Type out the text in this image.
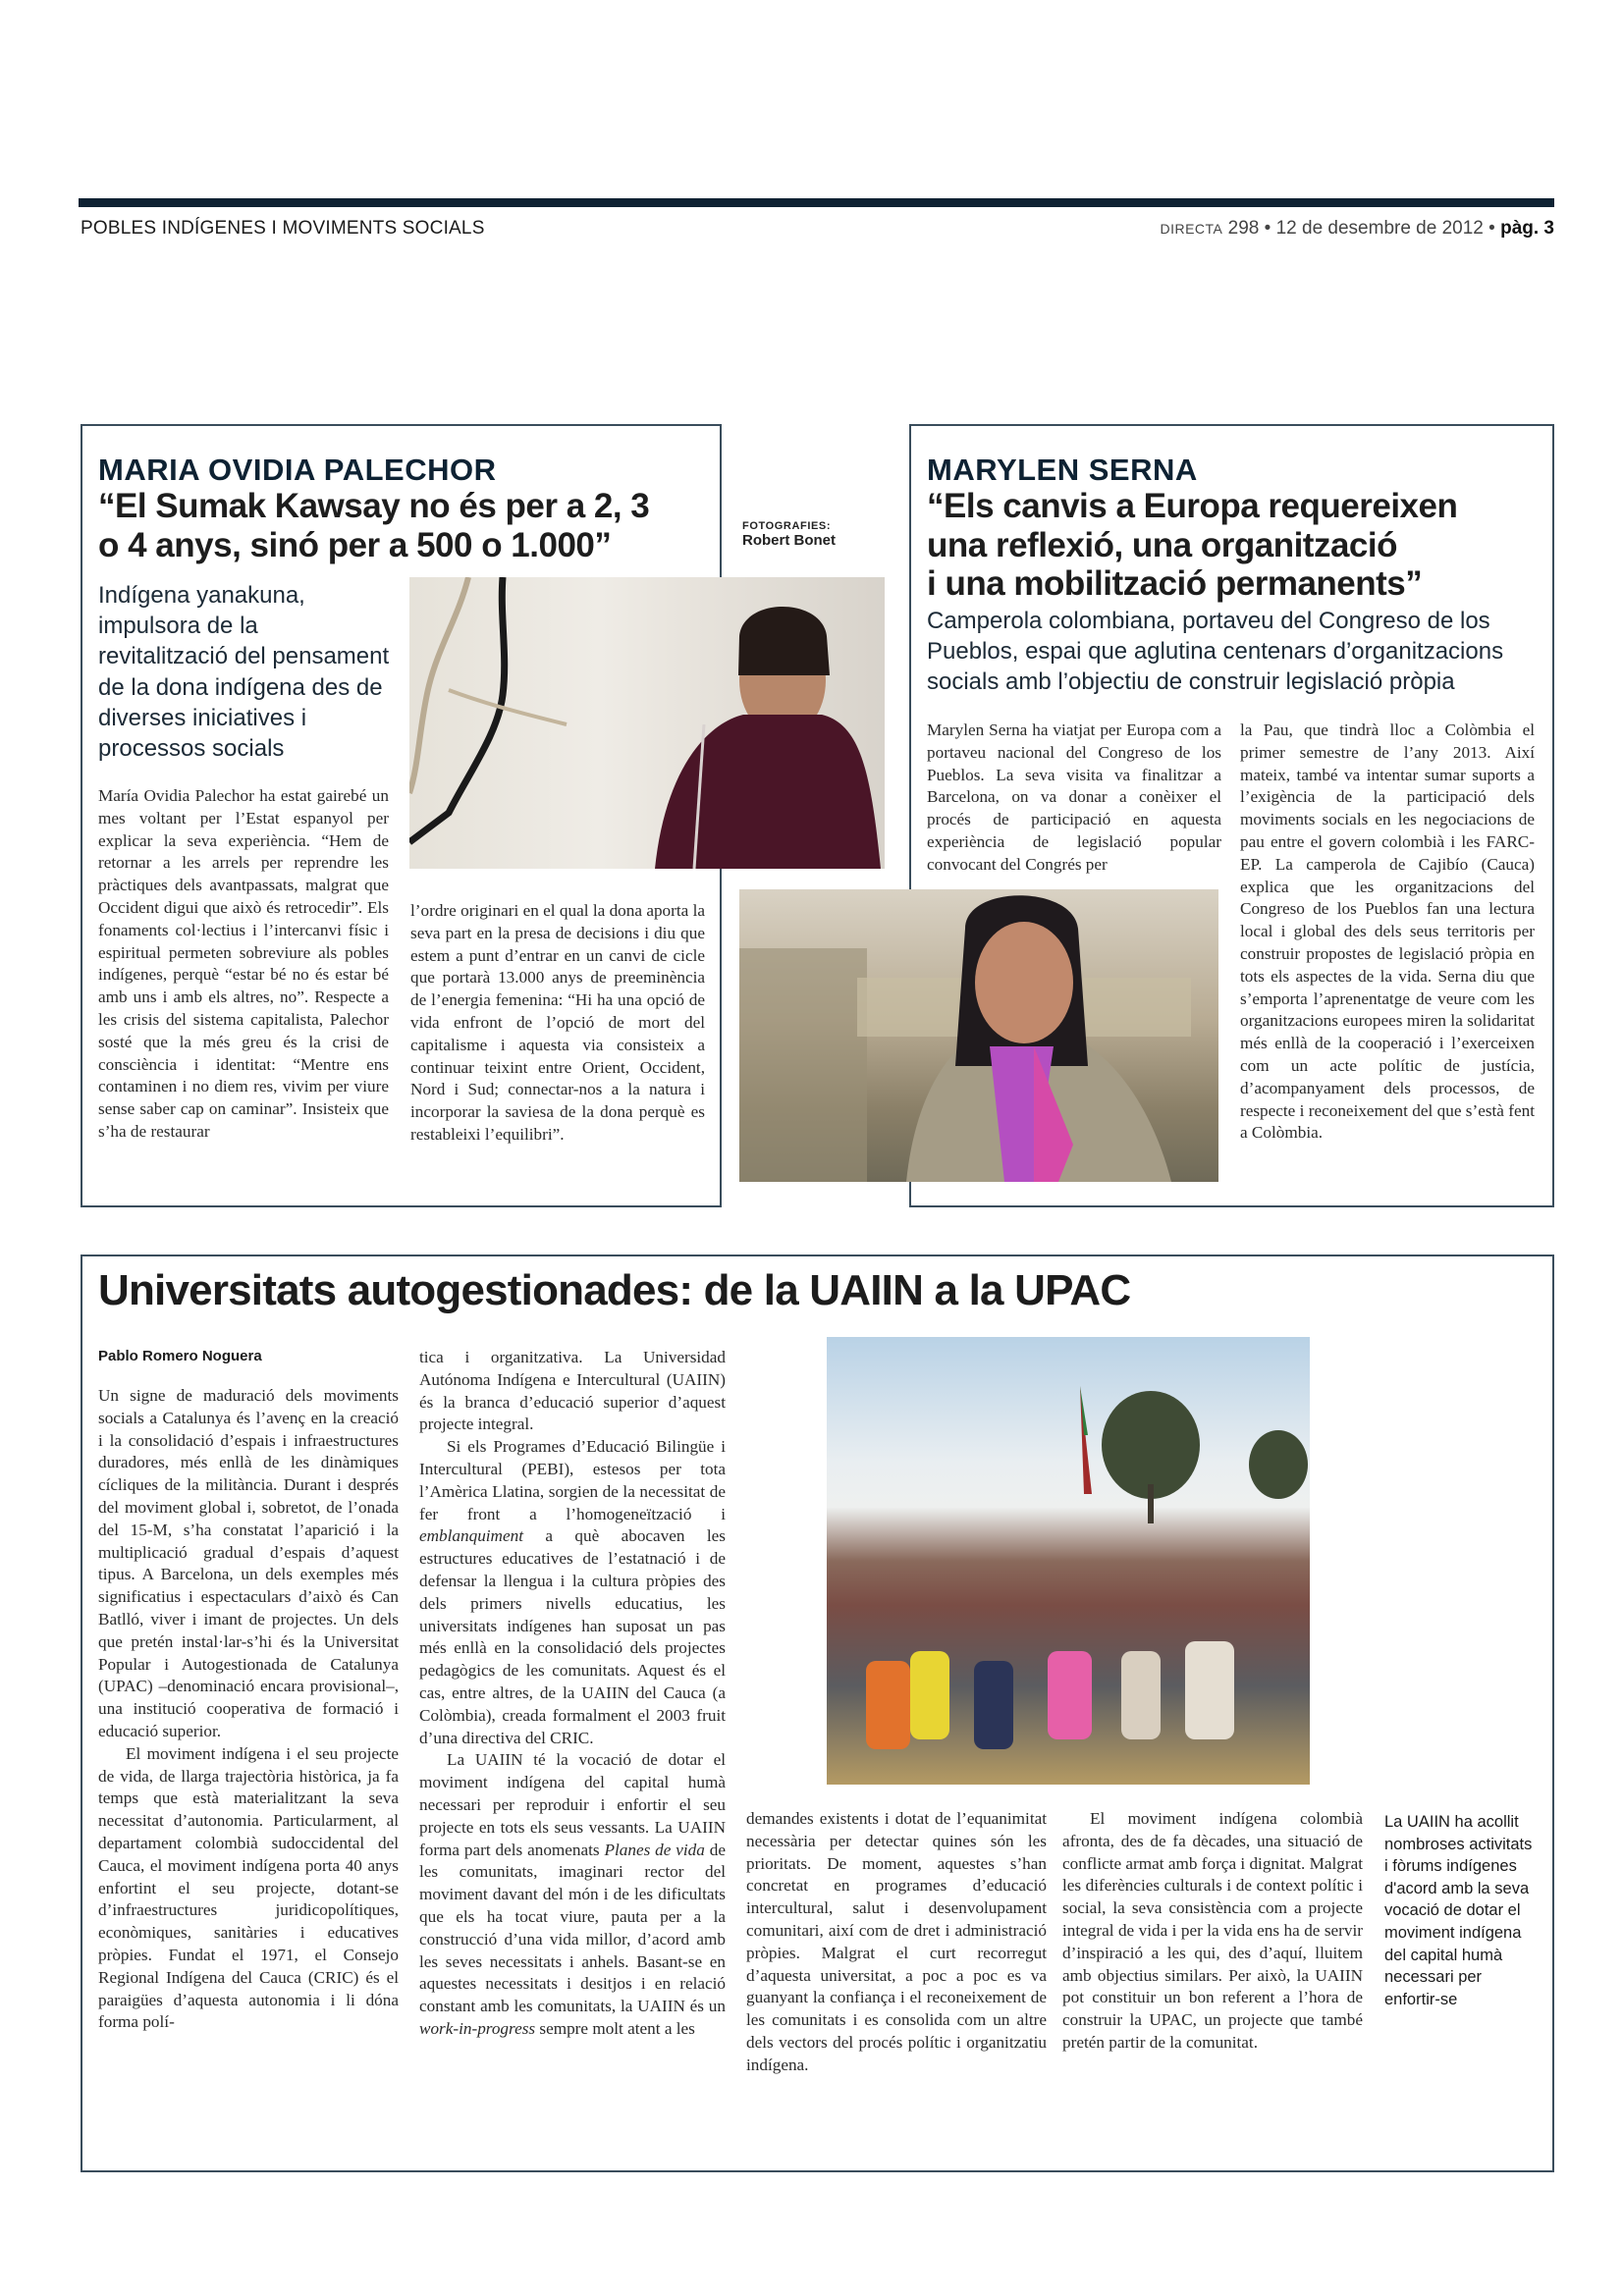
POBLES INDÍGENES I MOVIMENTS SOCIALS	DIRECTA 298 • 12 de desembre de 2012 • pàg. 3
MARIA OVIDIA PALECHOR
“El Sumak Kawsay no és per a 2, 3
o 4 anys, sinó per a 500 o 1.000”
Indígena yanakuna, impulsora de la revitalització del pensament de la dona indígena des de diverses iniciatives i processos socials
María Ovidia Palechor ha estat gairebé un mes voltant per l’Estat espanyol per explicar la seva experiència. “Hem de retornar a les arrels per reprendre les pràctiques dels avantpassats, malgrat que Occident digui que això és retrocedir”. Els fonaments col·lectius i l’intercanvi físic i espiritual permeten sobreviure als pobles indígenes, perquè “estar bé no és estar bé amb uns i amb els altres, no”. Respecte a les crisis del sistema capitalista, Palechor sosté que la més greu és la crisi de consciència i identitat: “Mentre ens contaminen i no diem res, vivim per viure sense saber cap on caminar”. Insisteix que s’ha de restaurar
l’ordre originari en el qual la dona aporta la seva part en la presa de decisions i diu que estem a punt d’entrar en un canvi de cicle que portarà 13.000 anys de preeminència de l’energia femenina: “Hi ha una opció de vida enfront de l’opció de mort del capitalisme i aquesta via consisteix a continuar teixint entre Orient, Occident, Nord i Sud; connectar-nos a la natura i incorporar la saviesa de la dona perquè es restableixi l’equilibri”.
FOTOGRAFIES:
Robert Bonet
MARYLEN SERNA
“Els canvis a Europa requereixen
una reflexió, una organització
i una mobilització permanents”
Camperola colombiana, portaveu del Congreso de los Pueblos, espai que aglutina centenars d’organitzacions socials amb l’objectiu de construir legislació pròpia
Marylen Serna ha viatjat per Europa com a portaveu nacional del Congreso de los Pueblos. La seva visita va finalitzar a Barcelona, on va donar a conèixer el procés de participació en aquesta experiència de legislació popular convocant del Congrés per
la Pau, que tindrà lloc a Colòmbia el primer semestre de l’any 2013. Així mateix, també va intentar sumar suports a l’exigència de la participació dels moviments socials en les negociacions de pau entre el govern colombià i les FARC-EP. La camperola de Cajibío (Cauca) explica que les organitzacions del Congreso de los Pueblos fan una lectura local i global des dels seus territoris per construir propostes de legislació pròpia en tots els aspectes de la vida. Serna diu que s’emporta l’aprenentatge de veure com les organitzacions europees miren la solidaritat més enllà de la cooperació i l’exerceixen com un acte polític de justícia, d’acompanyament dels processos, de respecte i reconeixement del que s’està fent a Colòmbia.
Universitats autogestionades: de la UAIIN a la UPAC
Pablo Romero Noguera

Un signe de maduració dels moviments socials a Catalunya és l’avenç en la creació i la consolidació d’espais i infraestructures duradores, més enllà de les dinàmiques cícliques de la militància. Durant i després del moviment global i, sobretot, de l’onada del 15-M, s’ha constatat l’aparició i la multiplicació gradual d’espais d’aquest tipus. A Barcelona, un dels exemples més significatius i espectaculars d’això és Can Batlló, viver i imant de projectes. Un dels que pretén instal·lar-s’hi és la Universitat Popular i Autogestionada de Catalunya (UPAC) –denominació encara provisional–, una institució cooperativa de formació i educació superior.

El moviment indígena i el seu projecte de vida, de llarga trajectòria històrica, ja fa temps que està materialitzant la seva necessitat d’autonomia. Particularment, al departament colombià sudoccidental del Cauca, el moviment indígena porta 40 anys enfortint el seu projecte, dotant-se d’infraestructures juridicopolítiques, econòmiques, sanitàries i educatives pròpies. Fundat el 1971, el Consejo Regional Indígena del Cauca (CRIC) és el paraigües d’aquesta autonomia i li dóna forma polí-

tica i organitzativa. La Universidad Autónoma Indígena e Intercultural (UAIIN) és la branca d’educació superior d’aquest projecte integral.

Si els Programes d’Educació Bilingüe i Intercultural (PEBI), estesos per tota l’Amèrica Llatina, sorgien de la necessitat de fer front a l’homogeneïtzació i emblanquiment a què abocaven les estructures educatives de l’estatnació i de defensar la llengua i la cultura pròpies des dels primers nivells educatius, les universitats indígenes han suposat un pas més enllà en la consolidació dels projectes pedagògics de les comunitats. Aquest és el cas, entre altres, de la UAIIN del Cauca (a Colòmbia), creada formalment el 2003 fruit d’una directiva del CRIC.

La UAIIN té la vocació de dotar el moviment indígena del capital humà necessari per reproduir i enfortir el seu projecte en tots els seus vessants. La UAIIN forma part dels anomenats Planes de vida de les comunitats, imaginari rector del moviment davant del món i de les dificultats que els ha tocat viure, pauta per a la construcció d’una vida millor, d’acord amb les seves necessitats i anhels. Basant-se en aquestes necessitats i desitjos i en relació constant amb les comunitats, la UAIIN és un work-in-progress sempre molt atent a les

demandes existents i dotat de l’equanimitat necessària per detectar quines són les prioritats. De moment, aquestes s’han concretat en programes d’educació intercultural, salut i desenvolupament comunitari, així com de dret i administració pròpies. Malgrat el curt recorregut d’aquesta universitat, a poc a poc es va guanyant la confiança i el reconeixement de les comunitats i es consolida com un altre dels vectors del procés polític i organitzatiu indígena.

El moviment indígena colombià afronta, des de fa dècades, una situació de conflicte armat amb força i dignitat. Malgrat les diferències culturals i de context polític i social, la seva consistència com a projecte integral de vida i per la vida ens ha de servir d’inspiració a les qui, des d’aquí, lluitem amb objectius similars. Per això, la UAIIN pot constituir un bon referent a l’hora de construir la UPAC, un projecte que també pretén partir de la comunitat.

La UAIIN ha acollit nombroses activitats i fòrums indígenes d'acord amb la seva vocació de dotar el moviment indígena del capital humà necessari per enfortir-se
